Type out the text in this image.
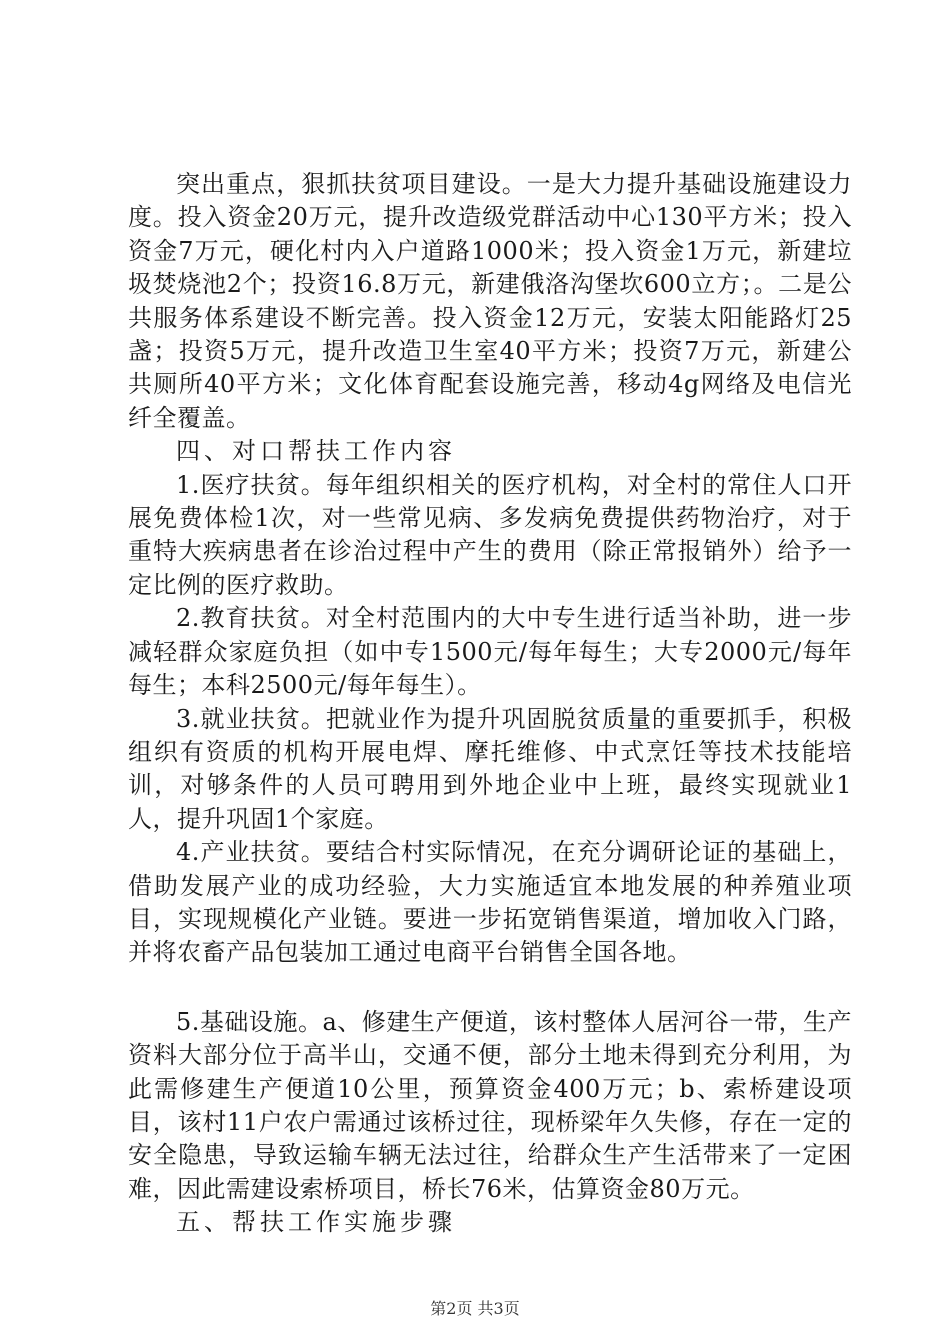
突出重点，狠抓扶贫项目建设。一是大力提升基础设施建设力度。投入资金20万元，提升改造级党群活动中心130平方米；投入资金7万元，硬化村内入户道路1000米；投入资金1万元，新建垃圾焚烧池2个；投资16.8万元，新建俄洛沟堡坎600立方；。二是公共服务体系建设不断完善。投入资金12万元，安装太阳能路灯25盏；投资5万元，提升改造卫生室40平方米；投资7万元，新建公共厕所40平方米；文化体育配套设施完善，移动4g网络及电信光纤全覆盖。

四、对口帮扶工作内容

1.医疗扶贫。每年组织相关的医疗机构，对全村的常住人口开展免费体检1次，对一些常见病、多发病免费提供药物治疗，对于重特大疾病患者在诊治过程中产生的费用（除正常报销外）给予一定比例的医疗救助。

2.教育扶贫。对全村范围内的大中专生进行适当补助，进一步减轻群众家庭负担（如中专1500元/每年每生；大专2000元/每年每生；本科2500元/每年每生）。

3.就业扶贫。把就业作为提升巩固脱贫质量的重要抓手，积极组织有资质的机构开展电焊、摩托维修、中式烹饪等技术技能培训，对够条件的人员可聘用到外地企业中上班，最终实现就业1人，提升巩固1个家庭。

4.产业扶贫。要结合村实际情况，在充分调研论证的基础上，借助发展产业的成功经验，大力实施适宜本地发展的种养殖业项目，实现规模化产业链。要进一步拓宽销售渠道，增加收入门路，并将农畜产品包装加工通过电商平台销售全国各地。

5.基础设施。a、修建生产便道，该村整体人居河谷一带，生产资料大部分位于高半山，交通不便，部分土地未得到充分利用，为此需修建生产便道10公里，预算资金400万元；b、索桥建设项目，该村11户农户需通过该桥过往，现桥梁年久失修，存在一定的安全隐患，导致运输车辆无法过往，给群众生产生活带来了一定困难，因此需建设索桥项目，桥长76米，估算资金80万元。

五、帮扶工作实施步骤

第2页 共3页
